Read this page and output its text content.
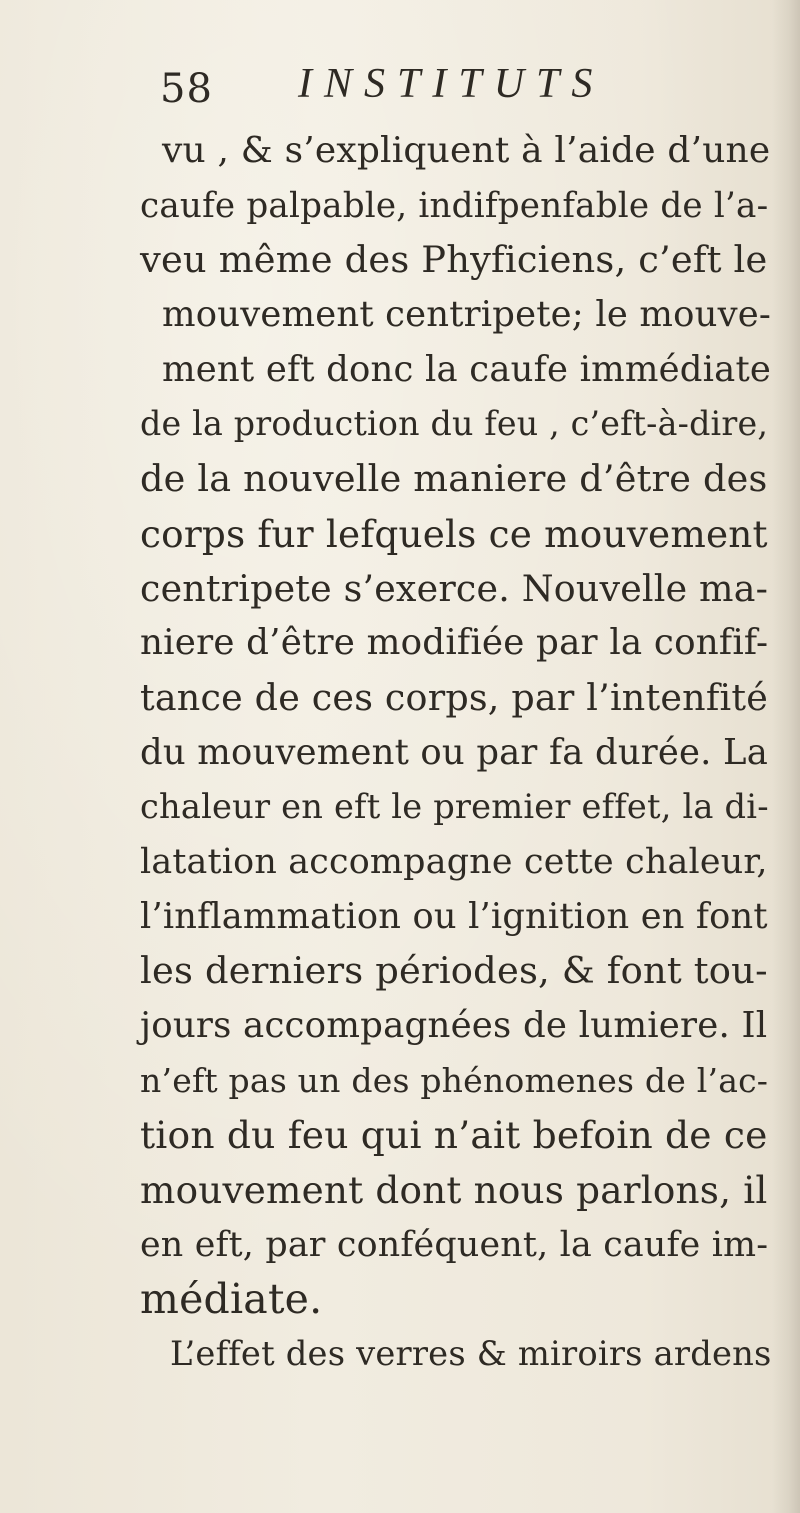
58 INSTITUTS
vu , & s’expliquent à l’aide d’une
caufe palpable, indifpenfable de l’a-
veu même des Phyficiens, c’eft le
mouvement centripete; le mouve-
ment eft donc la caufe immédiate
de la production du feu , c’eft-à-dire,
de la nouvelle maniere d’être des
corps fur lefquels ce mouvement
centripete s’exerce. Nouvelle ma-
niere d’être modifiée par la confif-
tance de ces corps, par l’intenfité
du mouvement ou par fa durée. La
chaleur en eft le premier effet, la di-
latation accompagne cette chaleur,
l’inflammation ou l’ignition en font
les derniers périodes, & font tou-
jours accompagnées de lumiere. Il
n’eft pas un des phénomenes de l’ac-
tion du feu qui n’ait befoin de ce
mouvement dont nous parlons, il
en eft, par conféquent, la caufe im-
médiate.
L’effet des verres & miroirs ardens
